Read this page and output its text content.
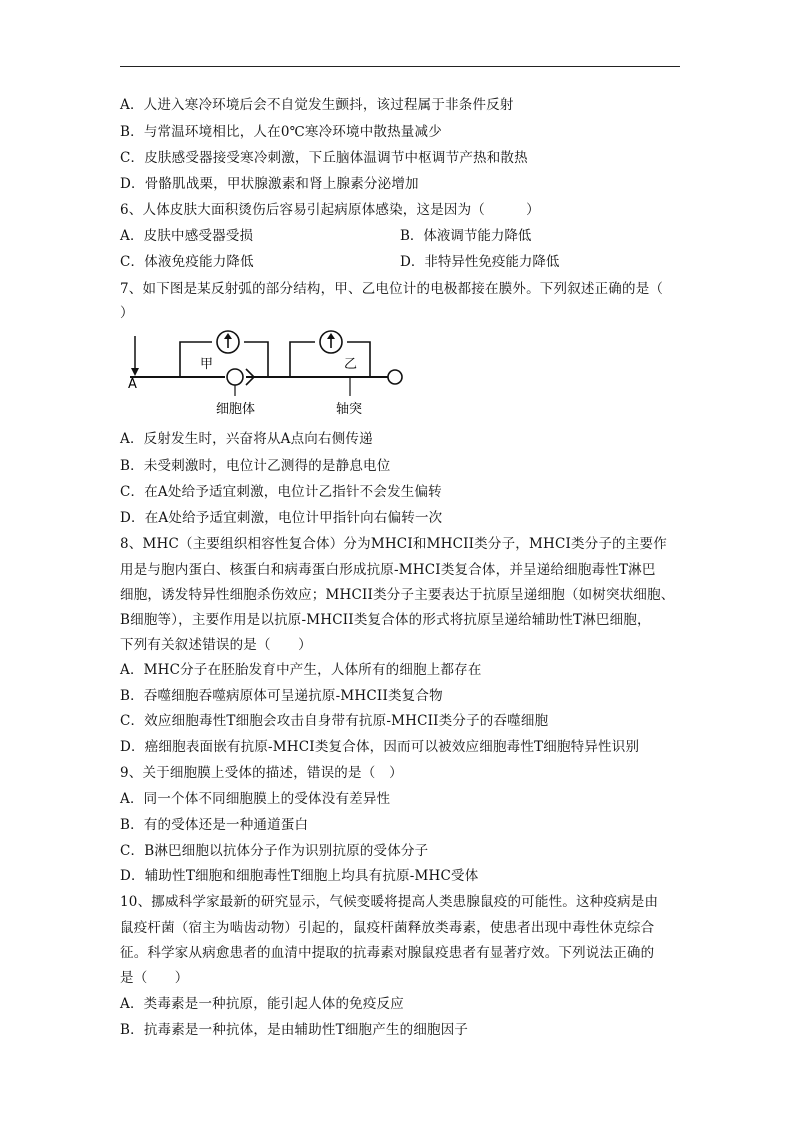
A．人进入寒冷环境后会不自觉发生颤抖，该过程属于非条件反射
B．与常温环境相比，人在0℃寒冷环境中散热量减少
C．皮肤感受器接受寒冷刺激，下丘脑体温调节中枢调节产热和散热
D．骨骼肌战栗，甲状腺激素和肾上腺素分泌增加
6、人体皮肤大面积烫伤后容易引起病原体感染，这是因为（　　　）
A．皮肤中感受器受损	B．体液调节能力降低
C．体液免疫能力降低	D．非特异性免疫能力降低
7、如下图是某反射弧的部分结构，甲、乙电位计的电极都接在膜外。下列叙述正确的是（
）
A
甲	乙
细胞体	轴突
A．反射发生时，兴奋将从A点向右侧传递
B．未受刺激时，电位计乙测得的是静息电位
C．在A处给予适宜刺激，电位计乙指针不会发生偏转
D．在A处给予适宜刺激，电位计甲指针向右偏转一次
8、MHC（主要组织相容性复合体）分为MHCI和MHCII类分子，MHCI类分子的主要作
用是与胞内蛋白、核蛋白和病毒蛋白形成抗原-MHCI类复合体，并呈递给细胞毒性T淋巴
细胞，诱发特异性细胞杀伤效应；MHCII类分子主要表达于抗原呈递细胞（如树突状细胞、
B细胞等），主要作用是以抗原-MHCII类复合体的形式将抗原呈递给辅助性T淋巴细胞，
下列有关叙述错误的是（　　）
A．MHC分子在胚胎发育中产生，人体所有的细胞上都存在
B．吞噬细胞吞噬病原体可呈递抗原-MHCII类复合物
C．效应细胞毒性T细胞会攻击自身带有抗原-MHCII类分子的吞噬细胞
D．癌细胞表面嵌有抗原-MHCI类复合体，因而可以被效应细胞毒性T细胞特异性识别
9、关于细胞膜上受体的描述，错误的是（　）
A．同一个体不同细胞膜上的受体没有差异性
B．有的受体还是一种通道蛋白
C．B淋巴细胞以抗体分子作为识别抗原的受体分子
D．辅助性T细胞和细胞毒性T细胞上均具有抗原-MHC受体
10、挪威科学家最新的研究显示，气候变暖将提高人类患腺鼠疫的可能性。这种疫病是由
鼠疫杆菌（宿主为啮齿动物）引起的，鼠疫杆菌释放类毒素，使患者出现中毒性休克综合
征。科学家从病愈患者的血清中提取的抗毒素对腺鼠疫患者有显著疗效。下列说法正确的
是（　　）
A．类毒素是一种抗原，能引起人体的免疫反应
B．抗毒素是一种抗体，是由辅助性T细胞产生的细胞因子
